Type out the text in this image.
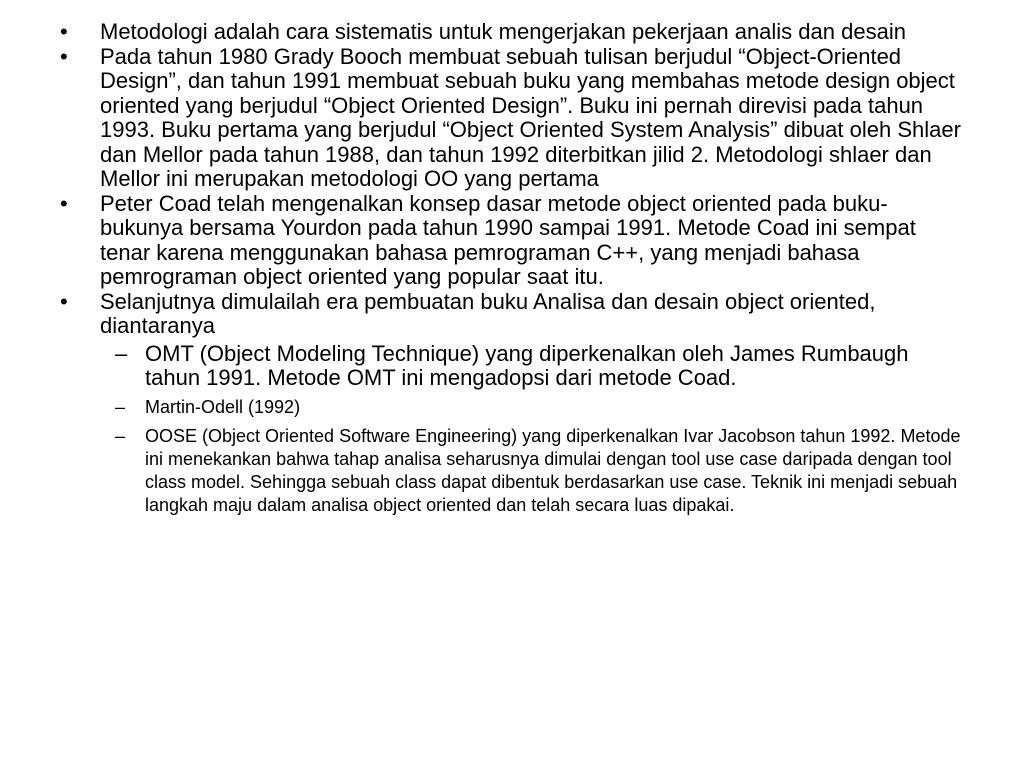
•	Metodologi adalah cara sistematis untuk mengerjakan pekerjaan analis dan desain
•	Pada tahun 1980 Grady Booch membuat sebuah tulisan berjudul “Object-Oriented Design”, dan tahun 1991 membuat sebuah buku yang membahas metode design object oriented yang berjudul “Object Oriented Design”. Buku ini pernah direvisi pada tahun 1993. Buku pertama yang berjudul “Object Oriented System Analysis” dibuat oleh Shlaer dan Mellor pada tahun 1988, dan tahun 1992 diterbitkan jilid 2. Metodologi shlaer dan Mellor ini merupakan metodologi OO yang pertama
•	Peter Coad telah mengenalkan konsep dasar metode object oriented pada buku-bukunya bersama Yourdon pada tahun 1990 sampai 1991. Metode Coad ini sempat tenar karena menggunakan bahasa pemrograman C++, yang menjadi bahasa pemrograman object oriented yang popular saat itu.
•	Selanjutnya dimulailah era pembuatan buku Analisa dan desain object oriented, diantaranya
– OMT (Object Modeling Technique) yang diperkenalkan oleh James Rumbaugh tahun 1991. Metode OMT ini mengadopsi dari metode Coad.
–	Martin-Odell (1992)
–	OOSE (Object Oriented Software Engineering) yang diperkenalkan Ivar Jacobson tahun 1992. Metode ini menekankan bahwa tahap analisa seharusnya dimulai dengan tool use case daripada dengan tool class model. Sehingga sebuah class dapat dibentuk berdasarkan use case. Teknik ini menjadi sebuah langkah maju dalam analisa object oriented dan telah secara luas dipakai.
